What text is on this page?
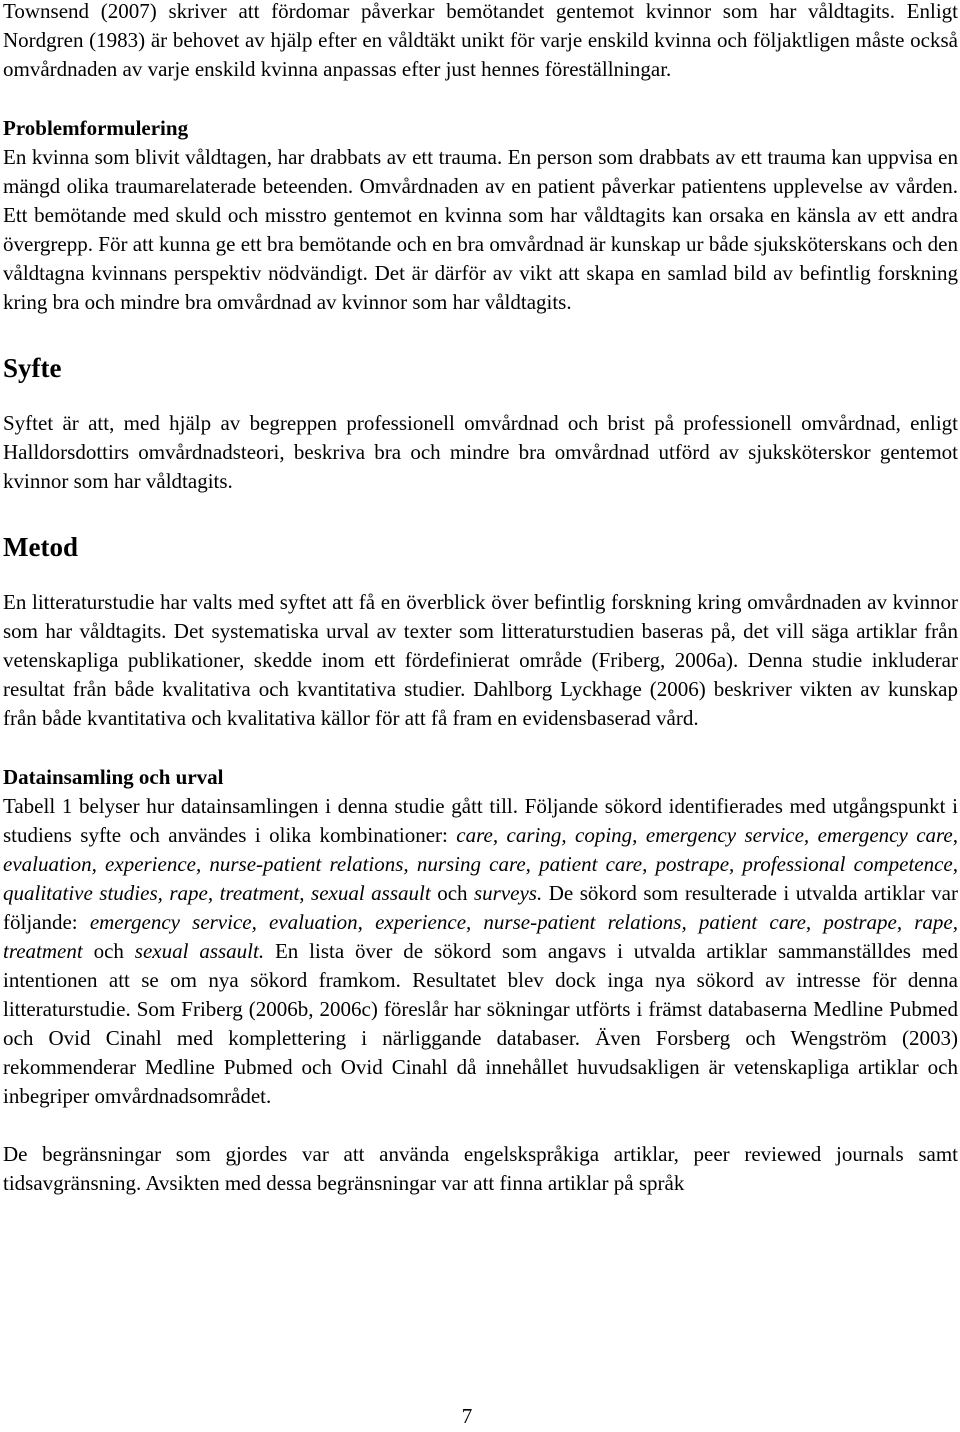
Townsend (2007) skriver att fördomar påverkar bemötandet gentemot kvinnor som har våldtagits. Enligt Nordgren (1983) är behovet av hjälp efter en våldtäkt unikt för varje enskild kvinna och följaktligen måste också omvårdnaden av varje enskild kvinna anpassas efter just hennes föreställningar.

Problemformulering

En kvinna som blivit våldtagen, har drabbats av ett trauma. En person som drabbats av ett trauma kan uppvisa en mängd olika traumarelaterade beteenden. Omvårdnaden av en patient påverkar patientens upplevelse av vården. Ett bemötande med skuld och misstro gentemot en kvinna som har våldtagits kan orsaka en känsla av ett andra övergrepp. För att kunna ge ett bra bemötande och en bra omvårdnad är kunskap ur både sjuksköterskans och den våldtagna kvinnans perspektiv nödvändigt. Det är därför av vikt att skapa en samlad bild av befintlig forskning kring bra och mindre bra omvårdnad av kvinnor som har våldtagits.

Syfte

Syftet är att, med hjälp av begreppen professionell omvårdnad och brist på professionell omvårdnad, enligt Halldorsdottirs omvårdnadsteori, beskriva bra och mindre bra omvårdnad utförd av sjuksköterskor gentemot kvinnor som har våldtagits.

Metod

En litteraturstudie har valts med syftet att få en överblick över befintlig forskning kring omvårdnaden av kvinnor som har våldtagits. Det systematiska urval av texter som litteraturstudien baseras på, det vill säga artiklar från vetenskapliga publikationer, skedde inom ett fördefinierat område (Friberg, 2006a). Denna studie inkluderar resultat från både kvalitativa och kvantitativa studier. Dahlborg Lyckhage (2006) beskriver vikten av kunskap från både kvantitativa och kvalitativa källor för att få fram en evidensbaserad vård.

Datainsamling och urval

Tabell 1 belyser hur datainsamlingen i denna studie gått till. Följande sökord identifierades med utgångspunkt i studiens syfte och användes i olika kombinationer: care, caring, coping, emergency service, emergency care, evaluation, experience, nurse-patient relations, nursing care, patient care, postrape, professional competence, qualitative studies, rape, treatment, sexual assault och surveys. De sökord som resulterade i utvalda artiklar var följande: emergency service, evaluation, experience, nurse-patient relations, patient care, postrape, rape, treatment och sexual assault. En lista över de sökord som angavs i utvalda artiklar sammanställdes med intentionen att se om nya sökord framkom. Resultatet blev dock inga nya sökord av intresse för denna litteraturstudie. Som Friberg (2006b, 2006c) föreslår har sökningar utförts i främst databaserna Medline Pubmed och Ovid Cinahl med komplettering i närliggande databaser. Även Forsberg och Wengström (2003) rekommenderar Medline Pubmed och Ovid Cinahl då innehållet huvudsakligen är vetenskapliga artiklar och inbegriper omvårdnadsområdet.

De begränsningar som gjordes var att använda engelskspråkiga artiklar, peer reviewed journals samt tidsavgränsning. Avsikten med dessa begränsningar var att finna artiklar på språk

7
